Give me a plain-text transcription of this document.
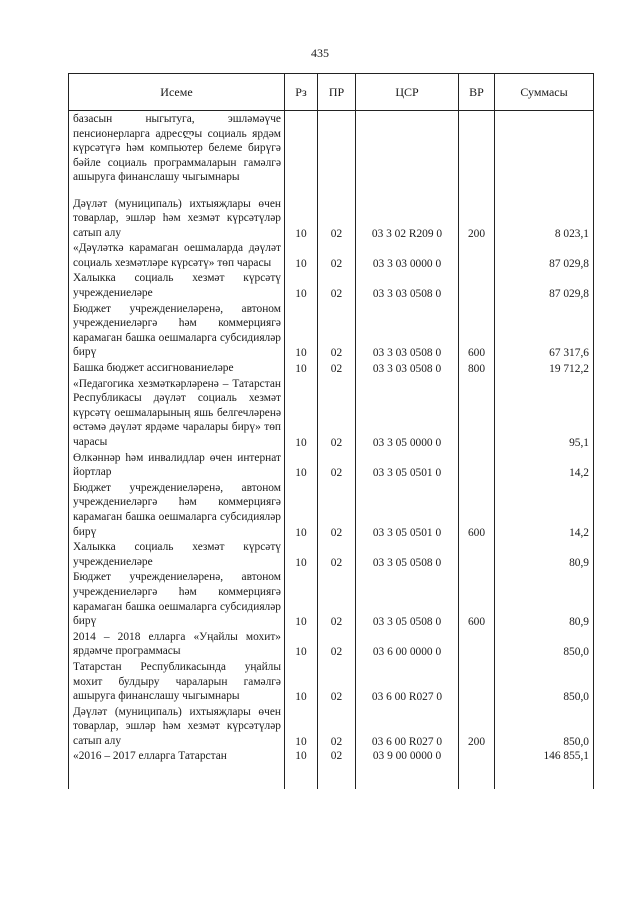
435
Исеме	Рз	ПР	ЦСР	ВР	Суммасы
базасын ныгытуга, эшләмәүче пенсионерларга адресლы социаль ярдәм күрсәтүгә һәм компьютер белеме бирүгә бәйле социаль программаларын гамәлгә ашыруга финанслашу чыгымнары					
Дәүләт (муниципаль) ихтыяҗлары өчен товарлар, эшләр һәм хезмәт күрсәтүләр сатып алу	10	02	03 3 02 R209 0	200	8 023,1
«Дәүләткә карамаган оешмаларда дәүләт социаль хезмәтләре күрсәтү» төп чарасы	10	02	03 3 03 0000 0		87 029,8
Халыкка социаль хезмәт күрсәтү учреждениеләре	10	02	03 3 03 0508 0		87 029,8
Бюджет учреждениеләренә, автоном учреждениеләргә һәм коммерциягә карамаган башка оешмаларга субсидияләр бирү	10	02	03 3 03 0508 0	600	67 317,6
Башка бюджет ассигнованиеләре	10	02	03 3 03 0508 0	800	19 712,2
«Педагогика хезмәткәрләренә – Татарстан Республикасы дәүләт социаль хезмәт күрсәтү оешмаларының яшь белгечләренә өстәмә дәүләт ярдәме чаралары бирү» төп чарасы	10	02	03 3 05 0000 0		95,1
Өлкәннәр һәм инвалидлар өчен интернат йортлар	10	02	03 3 05 0501 0		14,2
Бюджет учреждениеләренә, автоном учреждениеләргә һәм коммерциягә карамаган башка оешмаларга субсидияләр бирү	10	02	03 3 05 0501 0	600	14,2
Халыкка социаль хезмәт күрсәтү учреждениеләре	10	02	03 3 05 0508 0		80,9
Бюджет учреждениеләренә, автоном учреждениеләргә һәм коммерциягә карамаган башка оешмаларга субсидияләр бирү	10	02	03 3 05 0508 0	600	80,9
2014 – 2018 елларга «Уңайлы мохит» ярдәмче программасы	10	02	03 6 00 0000 0		850,0
Татарстан Республикасында уңайлы мохит булдыру чараларын гамәлгә ашыруга финанслашу чыгымнары	10	02	03 6 00 R027 0		850,0
Дәүләт (муниципаль) ихтыяҗлары өчен товарлар, эшләр һәм хезмәт күрсәтүләр сатып алу	10	02	03 6 00 R027 0	200	850,0
«2016 – 2017 елларга Татарстан	10	02	03 9 00 0000 0		146 855,1
